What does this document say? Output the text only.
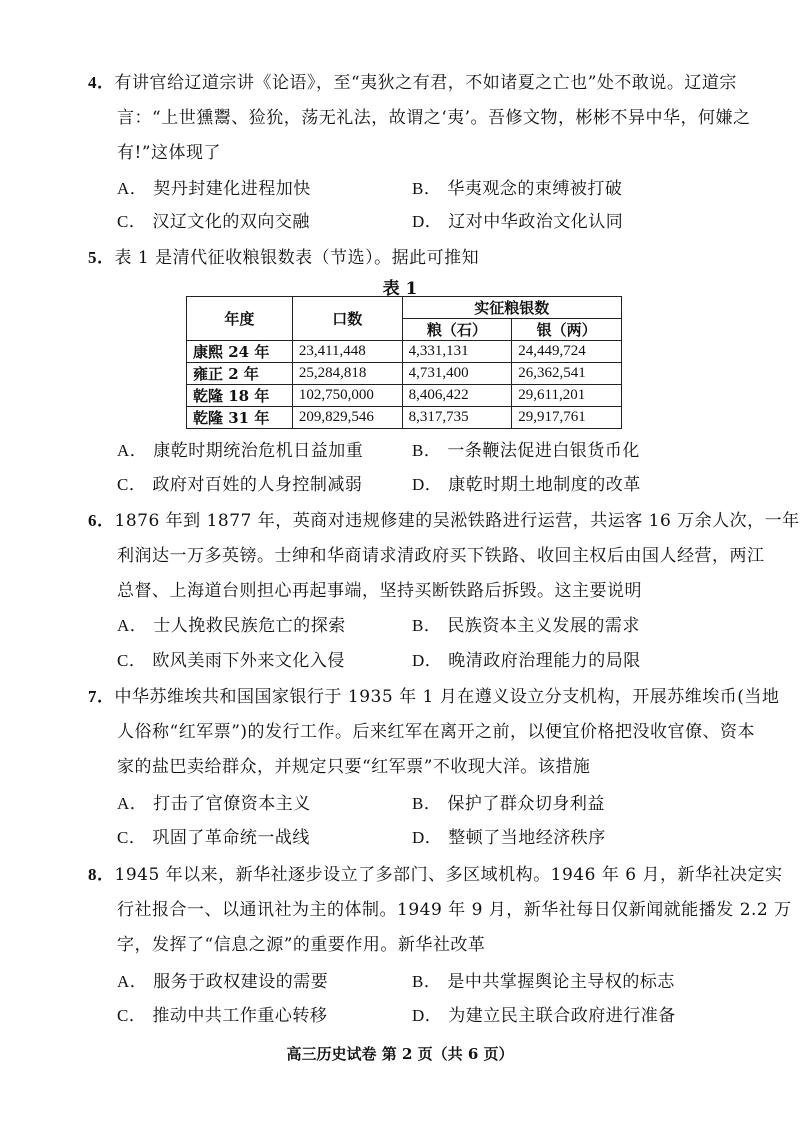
4．有讲官给辽道宗讲《论语》，至“夷狄之有君，不如诸夏之亡也”处不敢说。辽道宗
言：“上世獯鬻、猃狁，荡无礼法，故谓之‘夷’。吾修文物，彬彬不异中华，何嫌之
有!”这体现了
A． 契丹封建化进程加快	B． 华夷观念的束缚被打破
C． 汉辽文化的双向交融	D． 辽对中华政治文化认同
5．表 1 是清代征收粮银数表（节选）。据此可推知
表 1
年度	口数	实征粮银数	
		粮（石）	银（两）
康熙 24 年	23,411,448	4,331,131	24,449,724
雍正 2 年	25,284,818	4,731,400	26,362,541
乾隆 18 年	102,750,000	8,406,422	29,611,201
乾隆 31 年	209,829,546	8,317,735	29,917,761
A． 康乾时期统治危机日益加重	B． 一条鞭法促进白银货币化
C． 政府对百姓的人身控制减弱	D． 康乾时期土地制度的改革
6．1876 年到 1877 年，英商对违规修建的吴淞铁路进行运营，共运客 16 万余人次，一年
利润达一万多英镑。士绅和华商请求清政府买下铁路、收回主权后由国人经营，两江
总督、上海道台则担心再起事端，坚持买断铁路后拆毁。这主要说明
A． 士人挽救民族危亡的探索	B． 民族资本主义发展的需求
C． 欧风美雨下外来文化入侵	D． 晚清政府治理能力的局限
7．中华苏维埃共和国国家银行于 1935 年 1 月在遵义设立分支机构，开展苏维埃币(当地
人俗称“红军票”)的发行工作。后来红军在离开之前，以便宜价格把没收官僚、资本
家的盐巴卖给群众，并规定只要“红军票”不收现大洋。该措施
A． 打击了官僚资本主义	B． 保护了群众切身利益
C． 巩固了革命统一战线	D． 整顿了当地经济秩序
8．1945 年以来，新华社逐步设立了多部门、多区域机构。1946 年 6 月，新华社决定实
行社报合一、以通讯社为主的体制。1949 年 9 月，新华社每日仅新闻就能播发 2.2 万
字，发挥了“信息之源”的重要作用。新华社改革
A． 服务于政权建设的需要	B． 是中共掌握舆论主导权的标志
C． 推动中共工作重心转移	D． 为建立民主联合政府进行准备
高三历史试卷 第 2 页（共 6 页）
